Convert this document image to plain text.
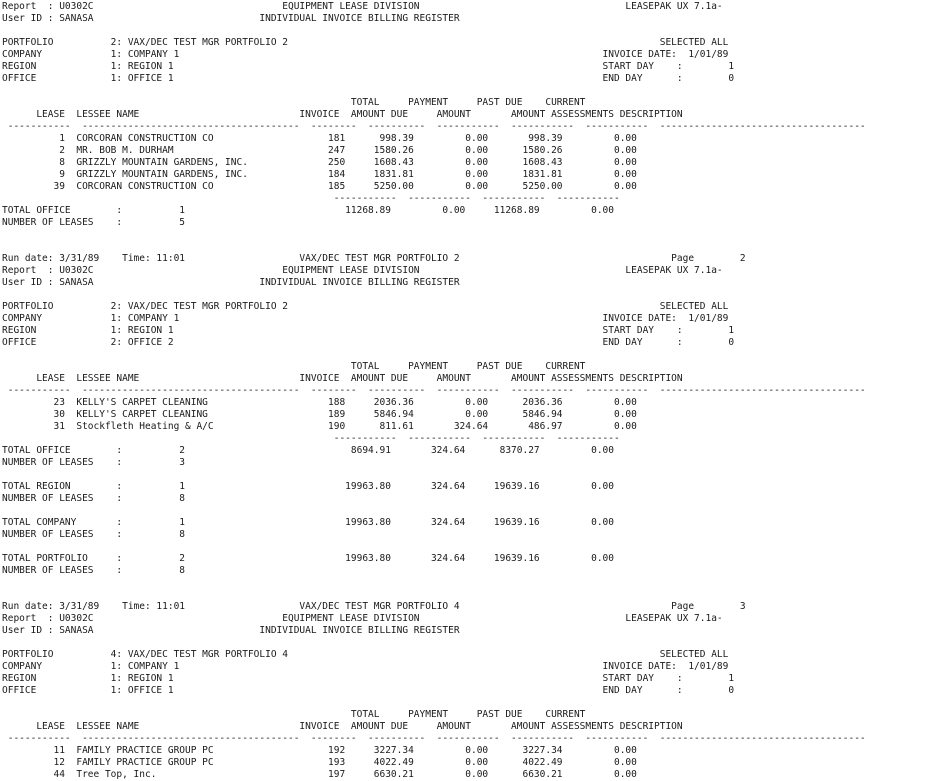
Report  : U0302C                                 EQUIPMENT LEASE DIVISION                                    LEASEPAK UX 7.1a-
User ID : SANASA                             INDIVIDUAL INVOICE BILLING REGISTER
PORTFOLIO          2: VAX/DEC TEST MGR PORTFOLIO 2                                                                 SELECTED ALL
COMPANY            1: COMPANY 1                                                                          INVOICE DATE:  1/01/89
REGION             1: REGION 1                                                                           START DAY    :        1
OFFICE             1: OFFICE 1                                                                           END DAY      :        0
TOTAL     PAYMENT     PAST DUE    CURRENT
LEASE  LESSEE NAME                            INVOICE  AMOUNT DUE     AMOUNT       AMOUNT ASSESSMENTS DESCRIPTION
-----------  --------------------------------------  --------  ----------  -----------  -----------  -----------  ------------------------------------
1  CORCORAN CONSTRUCTION CO                    181      998.39         0.00       998.39         0.00
2  MR. BOB M. DURHAM                           247     1580.26         0.00      1580.26         0.00
8  GRIZZLY MOUNTAIN GARDENS, INC.              250     1608.43         0.00      1608.43         0.00
9  GRIZZLY MOUNTAIN GARDENS, INC.              184     1831.81         0.00      1831.81         0.00
39  CORCORAN CONSTRUCTION CO                    185     5250.00         0.00      5250.00         0.00
-----------  -----------  -----------  -----------
TOTAL OFFICE        :          1                            11268.89         0.00     11268.89         0.00
NUMBER OF LEASES    :          5
Run date: 3/31/89    Time: 11:01                    VAX/DEC TEST MGR PORTFOLIO 2                                     Page        2
Report  : U0302C                                 EQUIPMENT LEASE DIVISION                                    LEASEPAK UX 7.1a-
User ID : SANASA                             INDIVIDUAL INVOICE BILLING REGISTER
PORTFOLIO          2: VAX/DEC TEST MGR PORTFOLIO 2                                                                 SELECTED ALL
COMPANY            1: COMPANY 1                                                                          INVOICE DATE:  1/01/89
REGION             1: REGION 1                                                                           START DAY    :        1
OFFICE             2: OFFICE 2                                                                           END DAY      :        0
TOTAL     PAYMENT     PAST DUE    CURRENT
LEASE  LESSEE NAME                            INVOICE  AMOUNT DUE     AMOUNT       AMOUNT ASSESSMENTS DESCRIPTION
-----------  --------------------------------------  --------  ----------  -----------  -----------  -----------  ------------------------------------
23  KELLY'S CARPET CLEANING                     188     2036.36         0.00      2036.36         0.00
30  KELLY'S CARPET CLEANING                     189     5846.94         0.00      5846.94         0.00
31  Stockfleth Heating & A/C                    190      811.61       324.64       486.97         0.00
-----------  -----------  -----------  -----------
TOTAL OFFICE        :          2                             8694.91       324.64      8370.27         0.00
NUMBER OF LEASES    :          3
TOTAL REGION        :          1                            19963.80       324.64     19639.16         0.00
NUMBER OF LEASES    :          8
TOTAL COMPANY       :          1                            19963.80       324.64     19639.16         0.00
NUMBER OF LEASES    :          8
TOTAL PORTFOLIO     :          2                            19963.80       324.64     19639.16         0.00
NUMBER OF LEASES    :          8
Run date: 3/31/89    Time: 11:01                    VAX/DEC TEST MGR PORTFOLIO 4                                     Page        3
Report  : U0302C                                 EQUIPMENT LEASE DIVISION                                    LEASEPAK UX 7.1a-
User ID : SANASA                             INDIVIDUAL INVOICE BILLING REGISTER
PORTFOLIO          4: VAX/DEC TEST MGR PORTFOLIO 4                                                                 SELECTED ALL
COMPANY            1: COMPANY 1                                                                          INVOICE DATE:  1/01/89
REGION             1: REGION 1                                                                           START DAY    :        1
OFFICE             1: OFFICE 1                                                                           END DAY      :        0
TOTAL     PAYMENT     PAST DUE    CURRENT
LEASE  LESSEE NAME                            INVOICE  AMOUNT DUE     AMOUNT       AMOUNT ASSESSMENTS DESCRIPTION
-----------  --------------------------------------  --------  ----------  -----------  -----------  -----------  ------------------------------------
11  FAMILY PRACTICE GROUP PC                    192     3227.34         0.00      3227.34         0.00
12  FAMILY PRACTICE GROUP PC                    193     4022.49         0.00      4022.49         0.00
44  Tree Top, Inc.                              197     6630.21         0.00      6630.21         0.00
